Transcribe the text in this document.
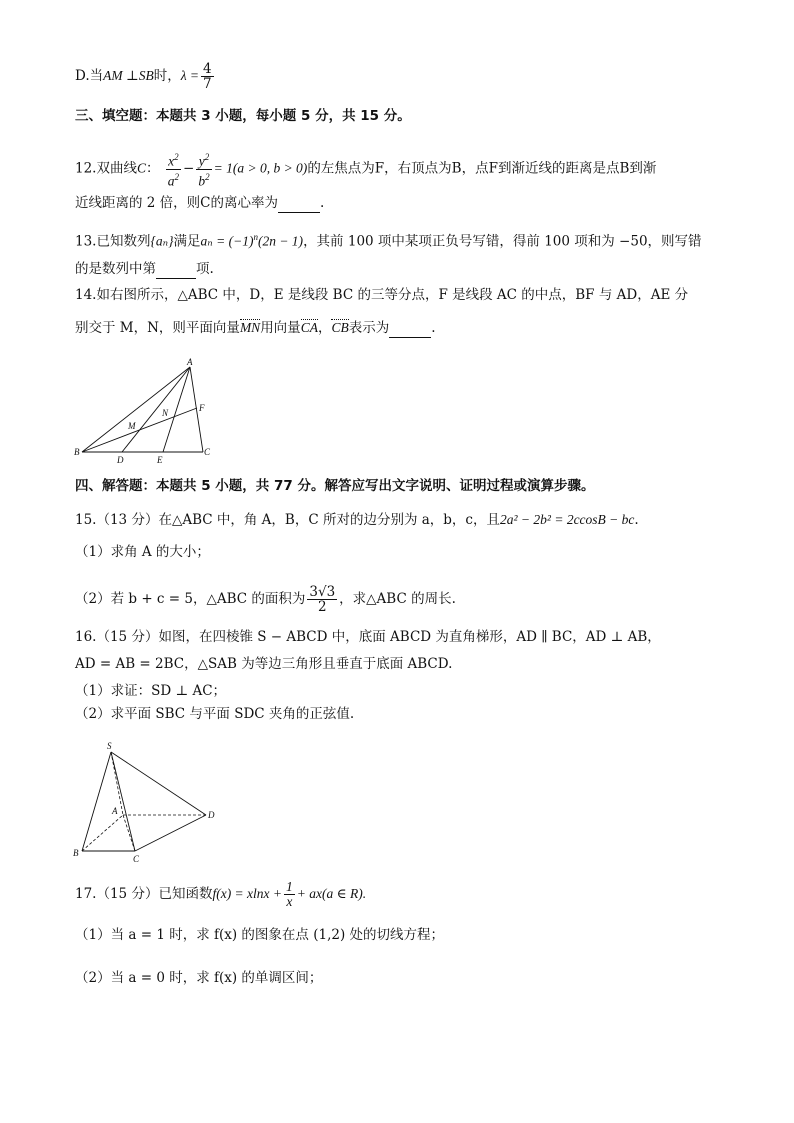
D.当AM ⊥SB时，$\lambda = \frac{4}{7}$
三、填空题：本题共 3 小题，每小题 5 分，共 15 分。
12.双曲线C： $\frac{x^2}{a^2} - \frac{y^2}{b^2} = 1(a > 0$, b > 0)的左焦点为F，右顶点为B，点F到渐近线的距离是点B到渐
近线距离的 2 倍，则C的离心率为	.
13.已知数列{aₙ}满足$a_n = (-1)^n(2n - 1)$，其前 100 项中某项正负号写错，得前 100 项和为 −50，则写错
的是数列中第	项.
14.如右图所示，△ABC 中，D，E 是线段 BC 的三等分点，F 是线段 AC 的中点，BF 与 AD，AE 分
别交于 M，N，则平面向量MN用向量CA，CB表示为	.
A
M
N	F
B
D	E
C
四、解答题：本题共 5 小题，共 77 分。解答应写出文字说明、证明过程或演算步骤。
15.（13 分）在△ABC 中，角 A，B，C 所对的边分别为 a，b，c，且2a² − 2b² = 2ccosB − bc.
（1）求角 A 的大小；
（2）若 b + c = 5，△ABC 的面积为 $\frac{3√3}{2}$ ，求△ABC 的周长.
16.（15 分）如图，在四棱锥 S − ABCD 中，底面 ABCD 为直角梯形，AD ∥ BC，AD ⊥ AB，
AD = AB = 2BC，△SAB 为等边三角形且垂直于底面 ABCD.
（1）求证：SD ⊥ AC；
（2）求平面 SBC 与平面 SDC 夹角的正弦值.
S
A	D
B
C
17.（15 分）已知函数$f(x) = xlnx + \frac{1}{x} + ax(a$ ∈ R).
（1）当 a = 1 时，求 f(x) 的图象在点 (1,2) 处的切线方程；
（2）当 a = 0 时，求 f(x) 的单调区间；
